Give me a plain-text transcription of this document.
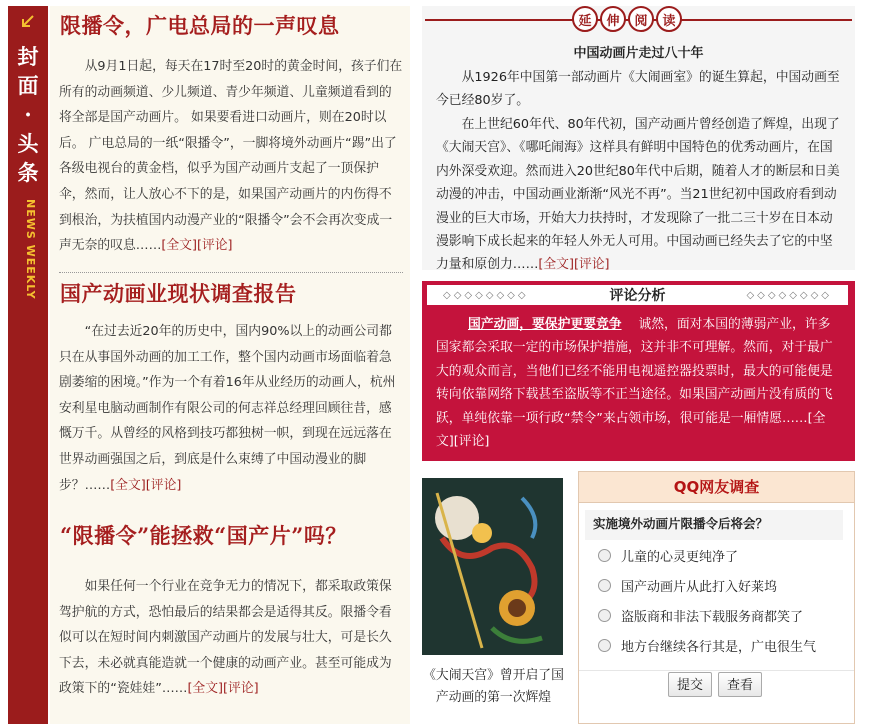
封
面
·
头
条
NEWS WEEKLY
限播令，广电总局的一声叹息

从9月1日起，每天在17时至20时的黄金时间，孩子们在所有的动画频道、少儿频道、青少年频道、儿童频道看到的将全部是国产动画片。 如果要看进口动画片，则在20时以后。 广电总局的一纸“限播令”，一脚将境外动画片“踢”出了各级电视台的黄金档，似乎为国产动画片支起了一顶保护伞，然而，让人放心不下的是，如果国产动画片的内伤得不到根治，为扶植国内动漫产业的“限播令”会不会再次变成一声无奈的叹息……[全文][评论]

国产动画业现状调查报告

“在过去近20年的历史中，国内90%以上的动画公司都只在从事国外动画的加工工作，整个国内动画市场面临着急剧萎缩的困境。”作为一个有着16年从业经历的动画人，杭州安利星电脑动画制作有限公司的何志祥总经理回顾往昔，感慨万千。从曾经的风格到技巧都独树一帜，到现在远远落在世界动画强国之后，到底是什么束缚了中国动漫业的脚步？……[全文][评论]

“限播令”能拯救“国产片”吗？

如果任何一个行业在竞争无力的情况下，都采取政策保驾护航的方式，恐怕最后的结果都会是适得其反。限播令看似可以在短时间内刺激国产动画片的发展与壮大，可是长久下去，未必就真能造就一个健康的动画产业。甚至可能成为政策下的“瓷娃娃”……[全文][评论]

延	伸	阅	读
中国动画片走过八十年

从1926年中国第一部动画片《大闹画室》的诞生算起，中国动画至今已经80岁了。

在上世纪60年代、80年代初，国产动画片曾经创造了辉煌，出现了《大闹天宫》、《哪吒闹海》这样具有鲜明中国特色的优秀动画片，在国内外深受欢迎。然而进入20世纪80年代中后期，随着人才的断层和日美动漫的冲击，中国动画业渐渐“风光不再”。当21世纪初中国政府看到动漫业的巨大市场，开始大力扶持时，才发现除了一批二三十岁在日本动漫影响下成长起来的年轻人外无人可用。中国动画已经失去了它的中坚力量和原创力……[全文][评论]

◇◇◇◇◇◇◇◇	评论分析	◇◇◇◇◇◇◇◇

国产动画，要保护更要竞争　 诚然，面对本国的薄弱产业，许多国家都会采取一定的市场保护措施，这并非不可理解。然而，对于最广大的观众而言，当他们已经不能用电视遥控器投票时，最大的可能便是转向依靠网络下载甚至盗版等不正当途径。如果国产动画片没有质的飞跃，单纯依靠一项行政“禁令”来占领市场，很可能是一厢情愿……[全文][评论]

《大闹天宫》曾开启了国产动画的第一次辉煌
QQ网友调查
实施境外动画片限播令后将会？
儿童的心灵更纯净了
国产动画片从此打入好莱坞
盗版商和非法下载服务商都笑了
地方台继续各行其是，广电很生气
提交	查看
